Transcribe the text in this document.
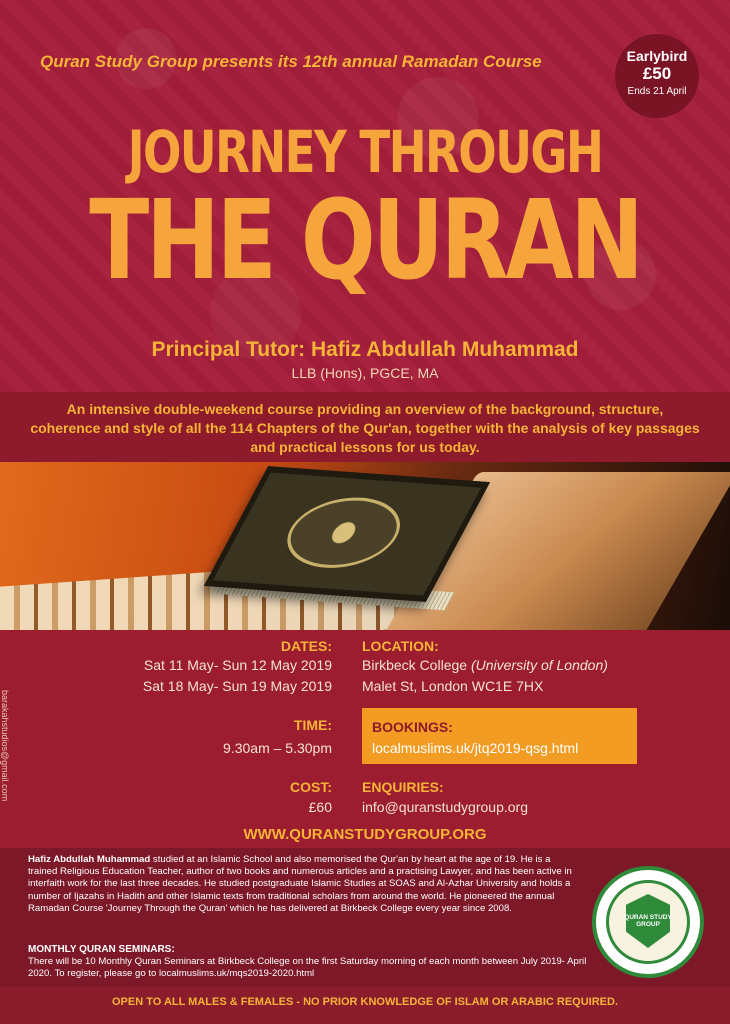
Quran Study Group presents its 12th annual Ramadan Course	Earlybird
£50
Ends 21 April
JOURNEY THROUGH
THE QURAN
Principal Tutor: Hafiz Abdullah Muhammad
LLB (Hons), PGCE, MA
An intensive double-weekend course providing an overview of the background, structure, coherence and style of all the 114 Chapters of the Qur'an, together with the analysis of key passages and practical lessons for us today.
barakahstudios@gmail.com
DATES:
Sat 11 May- Sun 12 May 2019
Sat 18 May- Sun 19 May 2019
LOCATION:
Birkbeck College (University of London)
Malet St, London WC1E 7HX
TIME:
9.30am – 5.30pm
BOOKINGS:
localmuslims.uk/jtq2019-qsg.html
COST:
£60
ENQUIRIES:
info@quranstudygroup.org
WWW.QURANSTUDYGROUP.ORG
Hafiz Abdullah Muhammad studied at an Islamic School and also memorised the Qur'an by heart at the age of 19. He is a trained Religious Education Teacher, author of two books and numerous articles and a practising Lawyer, and has been active in interfaith work for the last three decades. He studied postgraduate Islamic Studies at SOAS and Al-Azhar University and holds a number of Ijazahs in Hadith and other Islamic texts from traditional scholars from around the world. He pioneered the annual Ramadan Course 'Journey Through the Quran' which he has delivered at Birkbeck College every year since 2008.
MONTHLY QURAN SEMINARS:
There will be 10 Monthly Quran Seminars at Birkbeck College on the first Saturday morning of each month between July 2019- April 2020. To register, please go to localmuslims.uk/mqs2019-2020.html
QURAN STUDY GROUP
OPEN TO ALL MALES & FEMALES - NO PRIOR KNOWLEDGE OF ISLAM OR ARABIC REQUIRED.
